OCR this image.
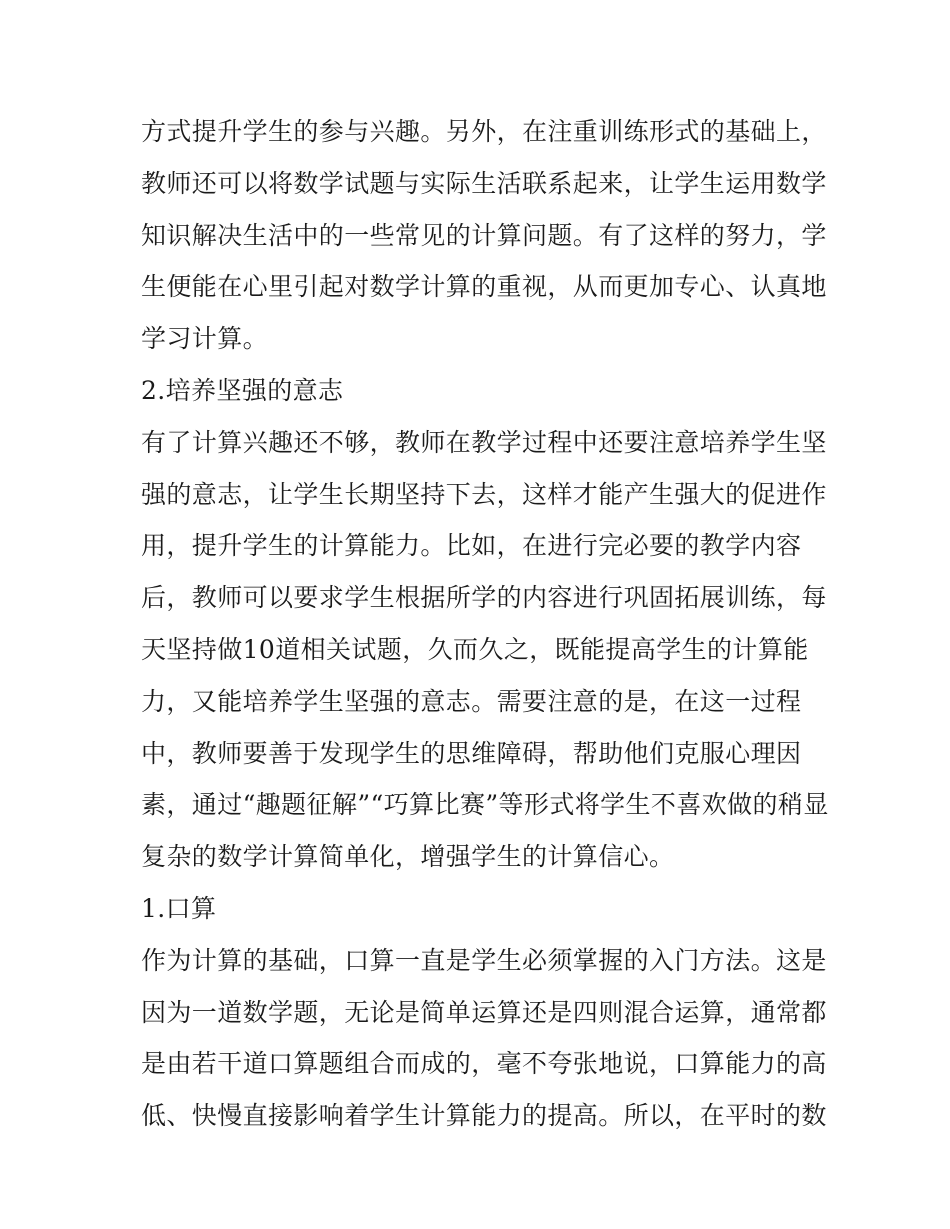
方式提升学生的参与兴趣。另外，在注重训练形式的基础上，
教师还可以将数学试题与实际生活联系起来，让学生运用数学
知识解决生活中的一些常见的计算问题。有了这样的努力，学
生便能在心里引起对数学计算的重视，从而更加专心、认真地
学习计算。
2.培养坚强的意志
有了计算兴趣还不够，教师在教学过程中还要注意培养学生坚
强的意志，让学生长期坚持下去，这样才能产生强大的促进作
用，提升学生的计算能力。比如，在进行完必要的教学内容
后，教师可以要求学生根据所学的内容进行巩固拓展训练，每
天坚持做10道相关试题，久而久之，既能提高学生的计算能
力，又能培养学生坚强的意志。需要注意的是，在这一过程
中，教师要善于发现学生的思维障碍，帮助他们克服心理因
素，通过“趣题征解”“巧算比赛”等形式将学生不喜欢做的稍显
复杂的数学计算简单化，增强学生的计算信心。
1.口算
作为计算的基础，口算一直是学生必须掌握的入门方法。这是
因为一道数学题，无论是简单运算还是四则混合运算，通常都
是由若干道口算题组合而成的，毫不夸张地说，口算能力的高
低、快慢直接影响着学生计算能力的提高。所以，在平时的数
